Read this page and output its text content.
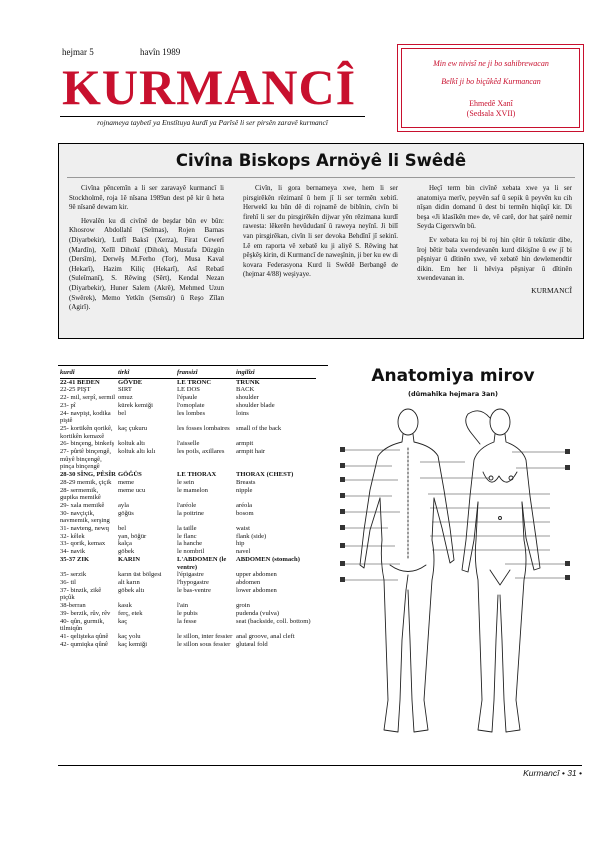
hejmar 5	havîn 1989
KURMANCÎ
rojnameya taybetî ya Enstîtuya kurdî ya Parîsê li ser pirsên zaravê kurmancî
Min ew nivisî ne ji bo sahibrewacan
Belkî ji bo biçûkêd Kurmancan
Ehmedê Xanî
(Sedsala XVII)
Civîna Biskops Arnöyê li Swêdê

Civîna pêncemîn a li ser zaravayê kurmancî li Stockholmê, roja 1ê nîsana 1989an dest pê kir û heta 9ê nîsanê dewam kir.

Hevalên ku di civînê de beşdar bûn ev bûn: Khosrow Abdollahî (Selmas), Rojen Barnas (Diyarbekir), Lutfî Baksî (Xerza), Firat Cewerî (Mardîn), Xelîl Dihokî (Dihok), Mustafa Düzgün (Dersîm), Derwêş M.Ferho (Tor), Musa Kaval (Hekarî), Hazim Kiliç (Hekarî), Asî Rebatî (Suleîmanî), S. Rêwing (Sêrt), Kendal Nezan (Diyarbekir), Huner Salem (Akrê), Mehmed Uzun (Swêrek), Memo Yetkîn (Semsûr) û Reşo Zîlan (Agirî).

Civîn, li gora bernameya xwe, hem li ser pirsgirêkên rêzimanî û hem jî li ser termên xebitî. Herwekî ku hûn dê di rojnamê de bibînin, civîn bi firehî li ser du pirsgirêkên dijwar yên rêzimana kurdî rawesta: lêkerên hevûdudanî û raweya neyînî. Ji bilî van pirsgirêkan, civîn li ser devoka Behdînî jî sekinî. Lê em raporta vê xebatê ku ji aliyê S. Rêwing hat pêşkêş kirin, di Kurmancî de naweşînin, ji ber ku ew di kovara Federasyona Kurd li Swêdê Berbangê de (hejmar 4/88) weşiyaye.

Heçî term bin civînê xebata xwe ya li ser anatomiya merîv, peyvên saf û sepik û peyvên ku cih nîşan didin domand û dest bi termên hiqûqî kir. Di beşa «Ji klasîkên me» de, vê carê, dor hat şairê nemir Seyda Cigerxwîn bû.

Ev xebata ku roj bi roj hin çêtir û tekûztir dibe, îroj bêtir bala xwendevanên kurd dikişîne û ew jî bi pêşniyar û dîtinên xwe, vê xebatê hin dewlemendtir dikin. Em her li hêviya pêşniyar û dîtinên xwendevanan in.

KURMANCÎ
kurdî	tirkî	fransizî	ingilîzî
22-41 BEDEN	GÖVDE	LE TRONC	TRUNK
22-25 PIŞT	SIRT	LE DOS	BACK
22- mil, serpî, sermil	omuz	l'épaule	shoulder
23- pî	kürek kemiği	l'omoplate	shoulder blade
24- navpişt, kodika piştê	bel	les lombes	loins
25- kortikên qorikê, kortikên kemaxê	kaç çukuru	les fosses lombaires	small of the back
26- binçeng, binkefş	koltuk altı	l'aisselle	armpit
27- pûrtê binçengê, mûyê binçengê, pinça binçengê	koltuk altı kılı	les poils, axillares	armpit hair
28-30 SÎNG, PÊSÎR	GÖĞÜS	LE THORAX	THORAX (CHEST)
28-29 memik, çiçik	meme	le sein	Breasts
28- sermemik, gupika memikê	meme ucu	le mamelon	nipple
29- xala memikê	ayla	l'aréole	aréola
30- navçiçik, navmemik, serşing	göğüs	la poitrine	bosom
31- navteng, newq	bel	la taille	waist
32- kêlek	yan, böğür	le flanc	flank (side)
33- qorik, kemax	kalça	la hanche	hip
34- navik	göbek	le nombril	navel
35-37 ZIK	KARIN	L'ABDOMEN (le ventre)	ABDOMEN (stomach)
35- serzik	karın üst bölgesi	l'épigastre	upper abdomen
36- til	alt karın	l'hypogastre	abdomen
37- binzik, zikê piçûk	göbek altı	le bas-ventre	lower abdomen
38-berran	kasık	l'ain	groin
39- berzik, rûv, rêv	ferç, etek	le pubis	pudenda (vulva)
40- qûn, gurmik, tilmiqûn	kaç	la fesse	seat (backside, coll. bottom)
41- qelişteka qûnê	kaç yolu	le sillon, inter fessier	anal groove, anal cleft
42- qumiqka qûnê	kaç kemiği	le sillon sous fessier	glutæal fold
Anatomiya mirov
(dûmahîka hejmara 3an)
Kurmancî • 31 •
